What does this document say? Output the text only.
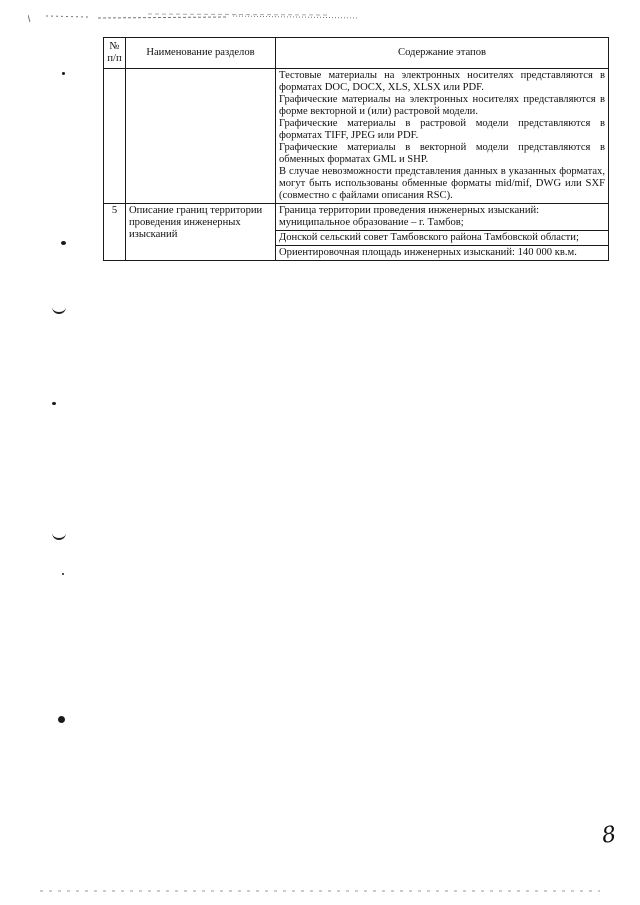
№ п/п	Наименование разделов	Содержание этапов

		Тестовые материалы на электронных носителях представляются в форматах DOC, DOCX, XLS, XLSX или PDF.

Графические материалы на электронных носителях представляются в форме векторной и (или) растровой модели.

Графические материалы в растровой модели представляются в форматах TIFF, JPEG или PDF.

Графические материалы в векторной модели представляются в обменных форматах GML и SHP.

В случае невозможности представления данных в указанных форматах, могут быть использованы обменные форматы mid/mif, DWG или SXF (совместно с файлами описания RSC).

5	Описание границ территории проведения инженерных изысканий	Граница территории проведения инженерных изысканий: муниципальное образование – г. Тамбов;
Донской сельский совет Тамбовского района Тамбовской области;
Ориентировочная площадь инженерных изысканий: 140 000 кв.м.
8
